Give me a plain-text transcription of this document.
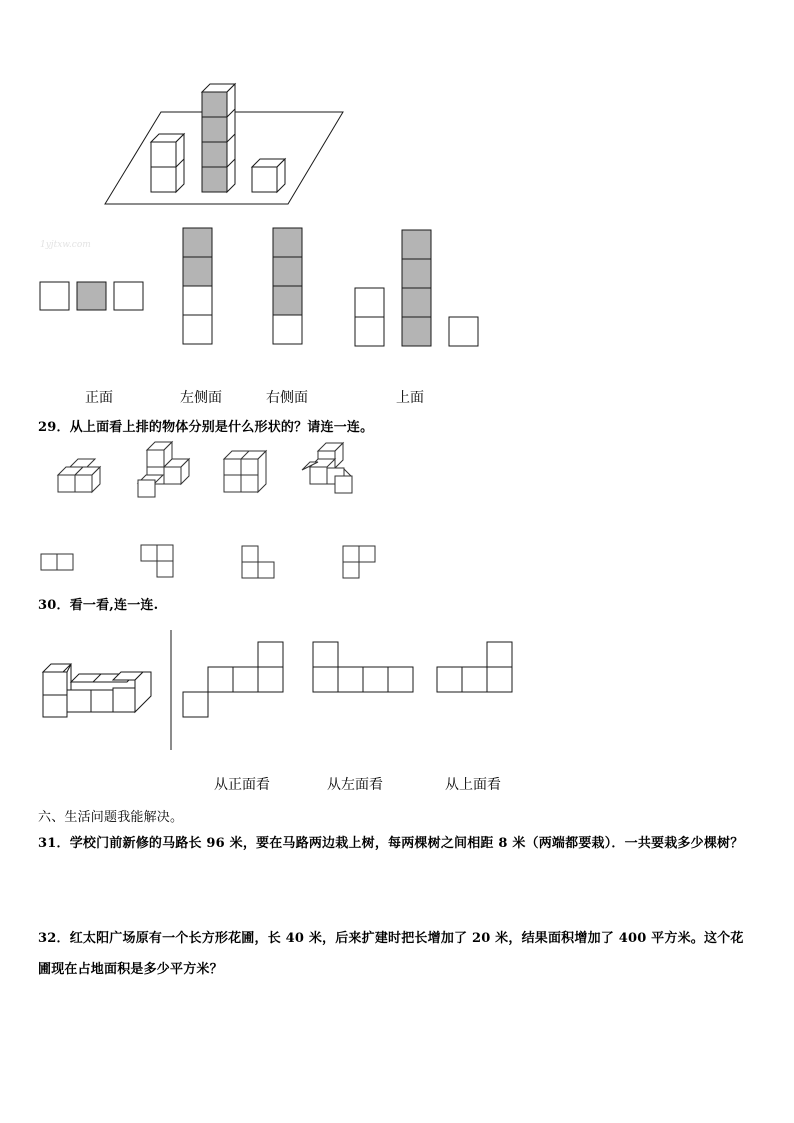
1yjtxw.com
正面	左侧面	右侧面	上面
29．从上面看上排的物体分别是什么形状的？请连一连。
30．看一看,连一连.
从正面看	从左面看	从上面看
六、生活问题我能解决。
31．学校门前新修的马路长 96 米，要在马路两边栽上树，每两棵树之间相距 8 米（两端都要栽）．一共要栽多少棵树？
32．红太阳广场原有一个长方形花圃，长 40 米，后来扩建时把长增加了 20 米，结果面积增加了 400 平方米。这个花
圃现在占地面积是多少平方米？
